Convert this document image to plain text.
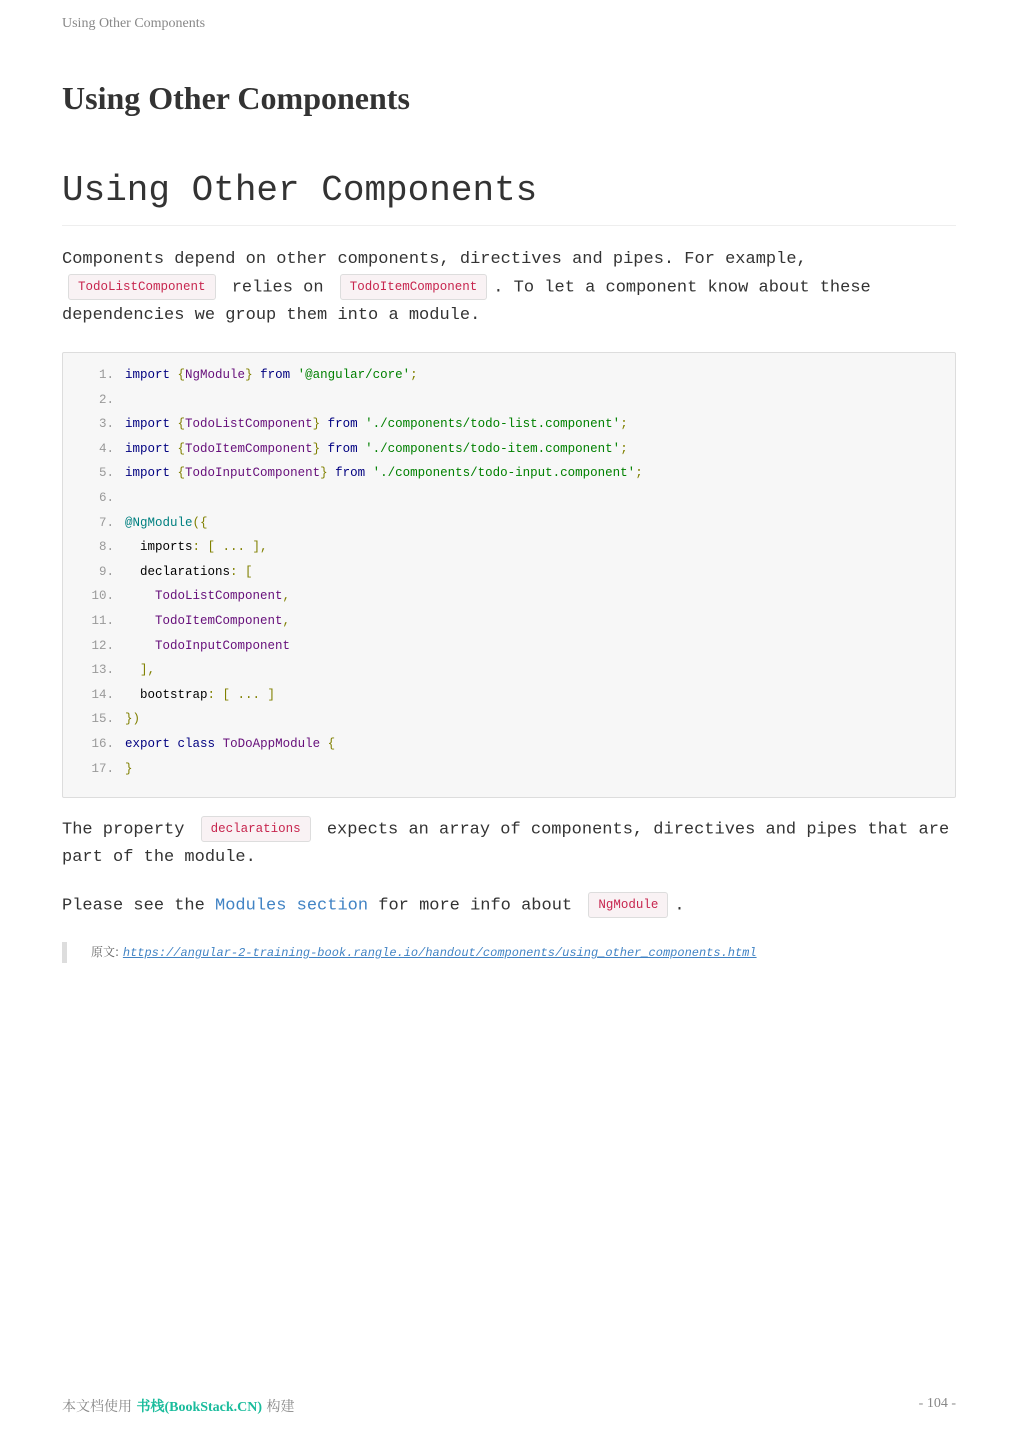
Using Other Components
Using Other Components
Using Other Components

Components depend on other components, directives and pipes. For example,
TodoListComponent relies on TodoItemComponent . To let a component know about these dependencies we group them into a module.

1. import {NgModule} from '@angular/core';
2.
3. import {TodoListComponent} from './components/todo-list.component';
4. import {TodoItemComponent} from './components/todo-item.component';
5. import {TodoInputComponent} from './components/todo-input.component';
6.
7. @NgModule({
8.	imports: [ ... ],
9.	declarations: [
10.	TodoListComponent,
11.	TodoItemComponent,
12.	TodoInputComponent
13.	],
14.	bootstrap: [ ... ]
15. })
16. export class ToDoAppModule {
17. }

The property declarations expects an array of components, directives and pipes that are part of the module.

Please see the Modules section for more info about NgModule .

原文: https://angular-2-training-book.rangle.io/handout/components/using_other_components.html
本文档使用 书栈(BookStack.CN) 构建	- 104 -
